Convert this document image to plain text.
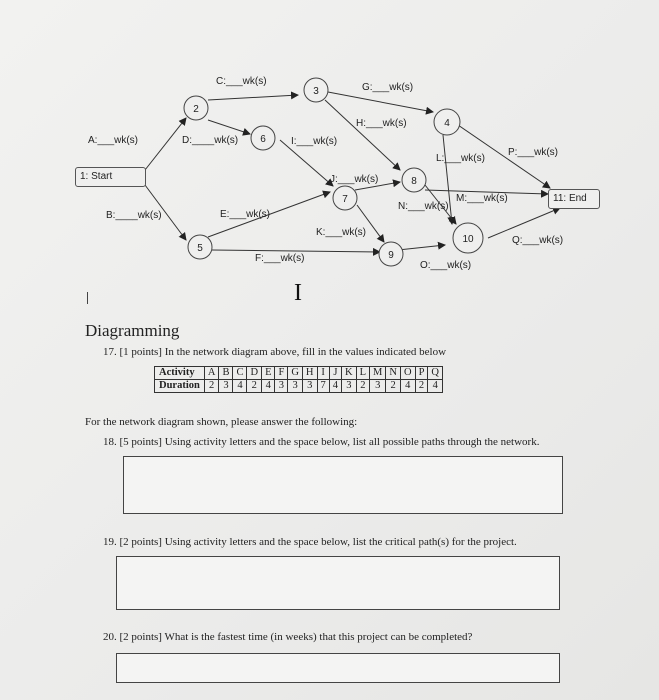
2
3
4
5
6
7
8
9
10
A:___wk(s)
B:____wk(s)
C:___wk(s)
D:____wk(s)
E:___wk(s)
F:___wk(s)
G:___wk(s)
H:___wk(s)
I:___wk(s)
J:___wk(s)
K:___wk(s)
L:___wk(s)
M:___wk(s)
N:___wk(s)
O:___wk(s)
P:___wk(s)
Q:___wk(s)
1: Start
11: End
I
Diagramming
17. [1 points] In the network diagram above, fill in the values indicated below
Activity	A	B	C	D	E	F	G	H	I	J	K	L	M	N	O	P	Q
Duration	2	3	4	2	4	3	3	3	7	4	3	2	3	2	4	2	4
For the network diagram shown, please answer the following:
18. [5 points] Using activity letters and the space below, list all possible paths through the network.
19. [2 points] Using activity letters and the space below, list the critical path(s) for the project.
20. [2 points] What is the fastest time (in weeks) that this project can be completed?
